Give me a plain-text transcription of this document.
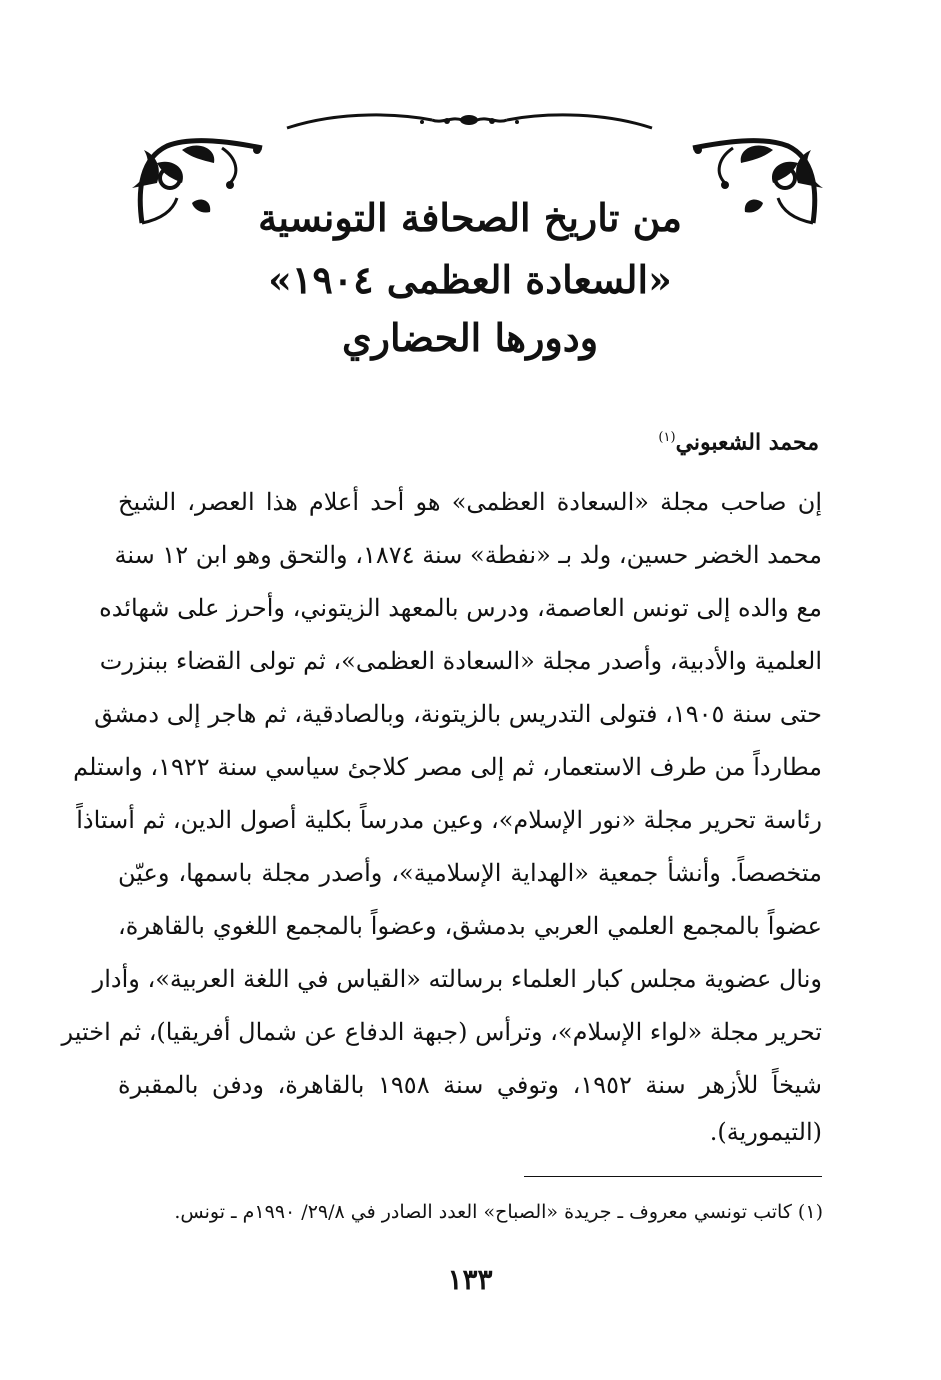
من تاريخ الصحافة التونسية
«السعادة العظمى ١٩٠٤»
ودورها الحضاري
محمد الشعبوني$^{(١)}$
إن صاحب مجلة «السعادة العظمى» هو أحد أعلام هذا العصر، الشيخ
محمد الخضر حسين، ولد بـ «نفطة» سنة ١٨٧٤، والتحق وهو ابن ١٢ سنة
مع والده إلى تونس العاصمة، ودرس بالمعهد الزيتوني، وأحرز على شهائده
العلمية والأدبية، وأصدر مجلة «السعادة العظمى»، ثم تولى القضاء ببنزرت
حتى سنة ١٩٠٥، فتولى التدريس بالزيتونة، وبالصادقية، ثم هاجر إلى دمشق
مطارداً من طرف الاستعمار، ثم إلى مصر كلاجئ سياسي سنة ١٩٢٢، واستلم
رئاسة تحرير مجلة «نور الإسلام»، وعين مدرساً بكلية أصول الدين، ثم أستاذاً
متخصصاً. وأنشأ جمعية «الهداية الإسلامية»، وأصدر مجلة باسمها، وعيّن
عضواً بالمجمع العلمي العربي بدمشق، وعضواً بالمجمع اللغوي بالقاهرة،
ونال عضوية مجلس كبار العلماء برسالته «القياس في اللغة العربية»، وأدار
تحرير مجلة «لواء الإسلام»، وترأس (جبهة الدفاع عن شمال أفريقيا)، ثم اختير
شيخاً للأزهر سنة ١٩٥٢، وتوفي سنة ١٩٥٨ بالقاهرة، ودفن بالمقبرة
(التيمورية).
(١) كاتب تونسي معروف ـ جريدة «الصباح» العدد الصادر في ٢٩/٨/ ١٩٩٠م ـ تونس.
١٣٣
